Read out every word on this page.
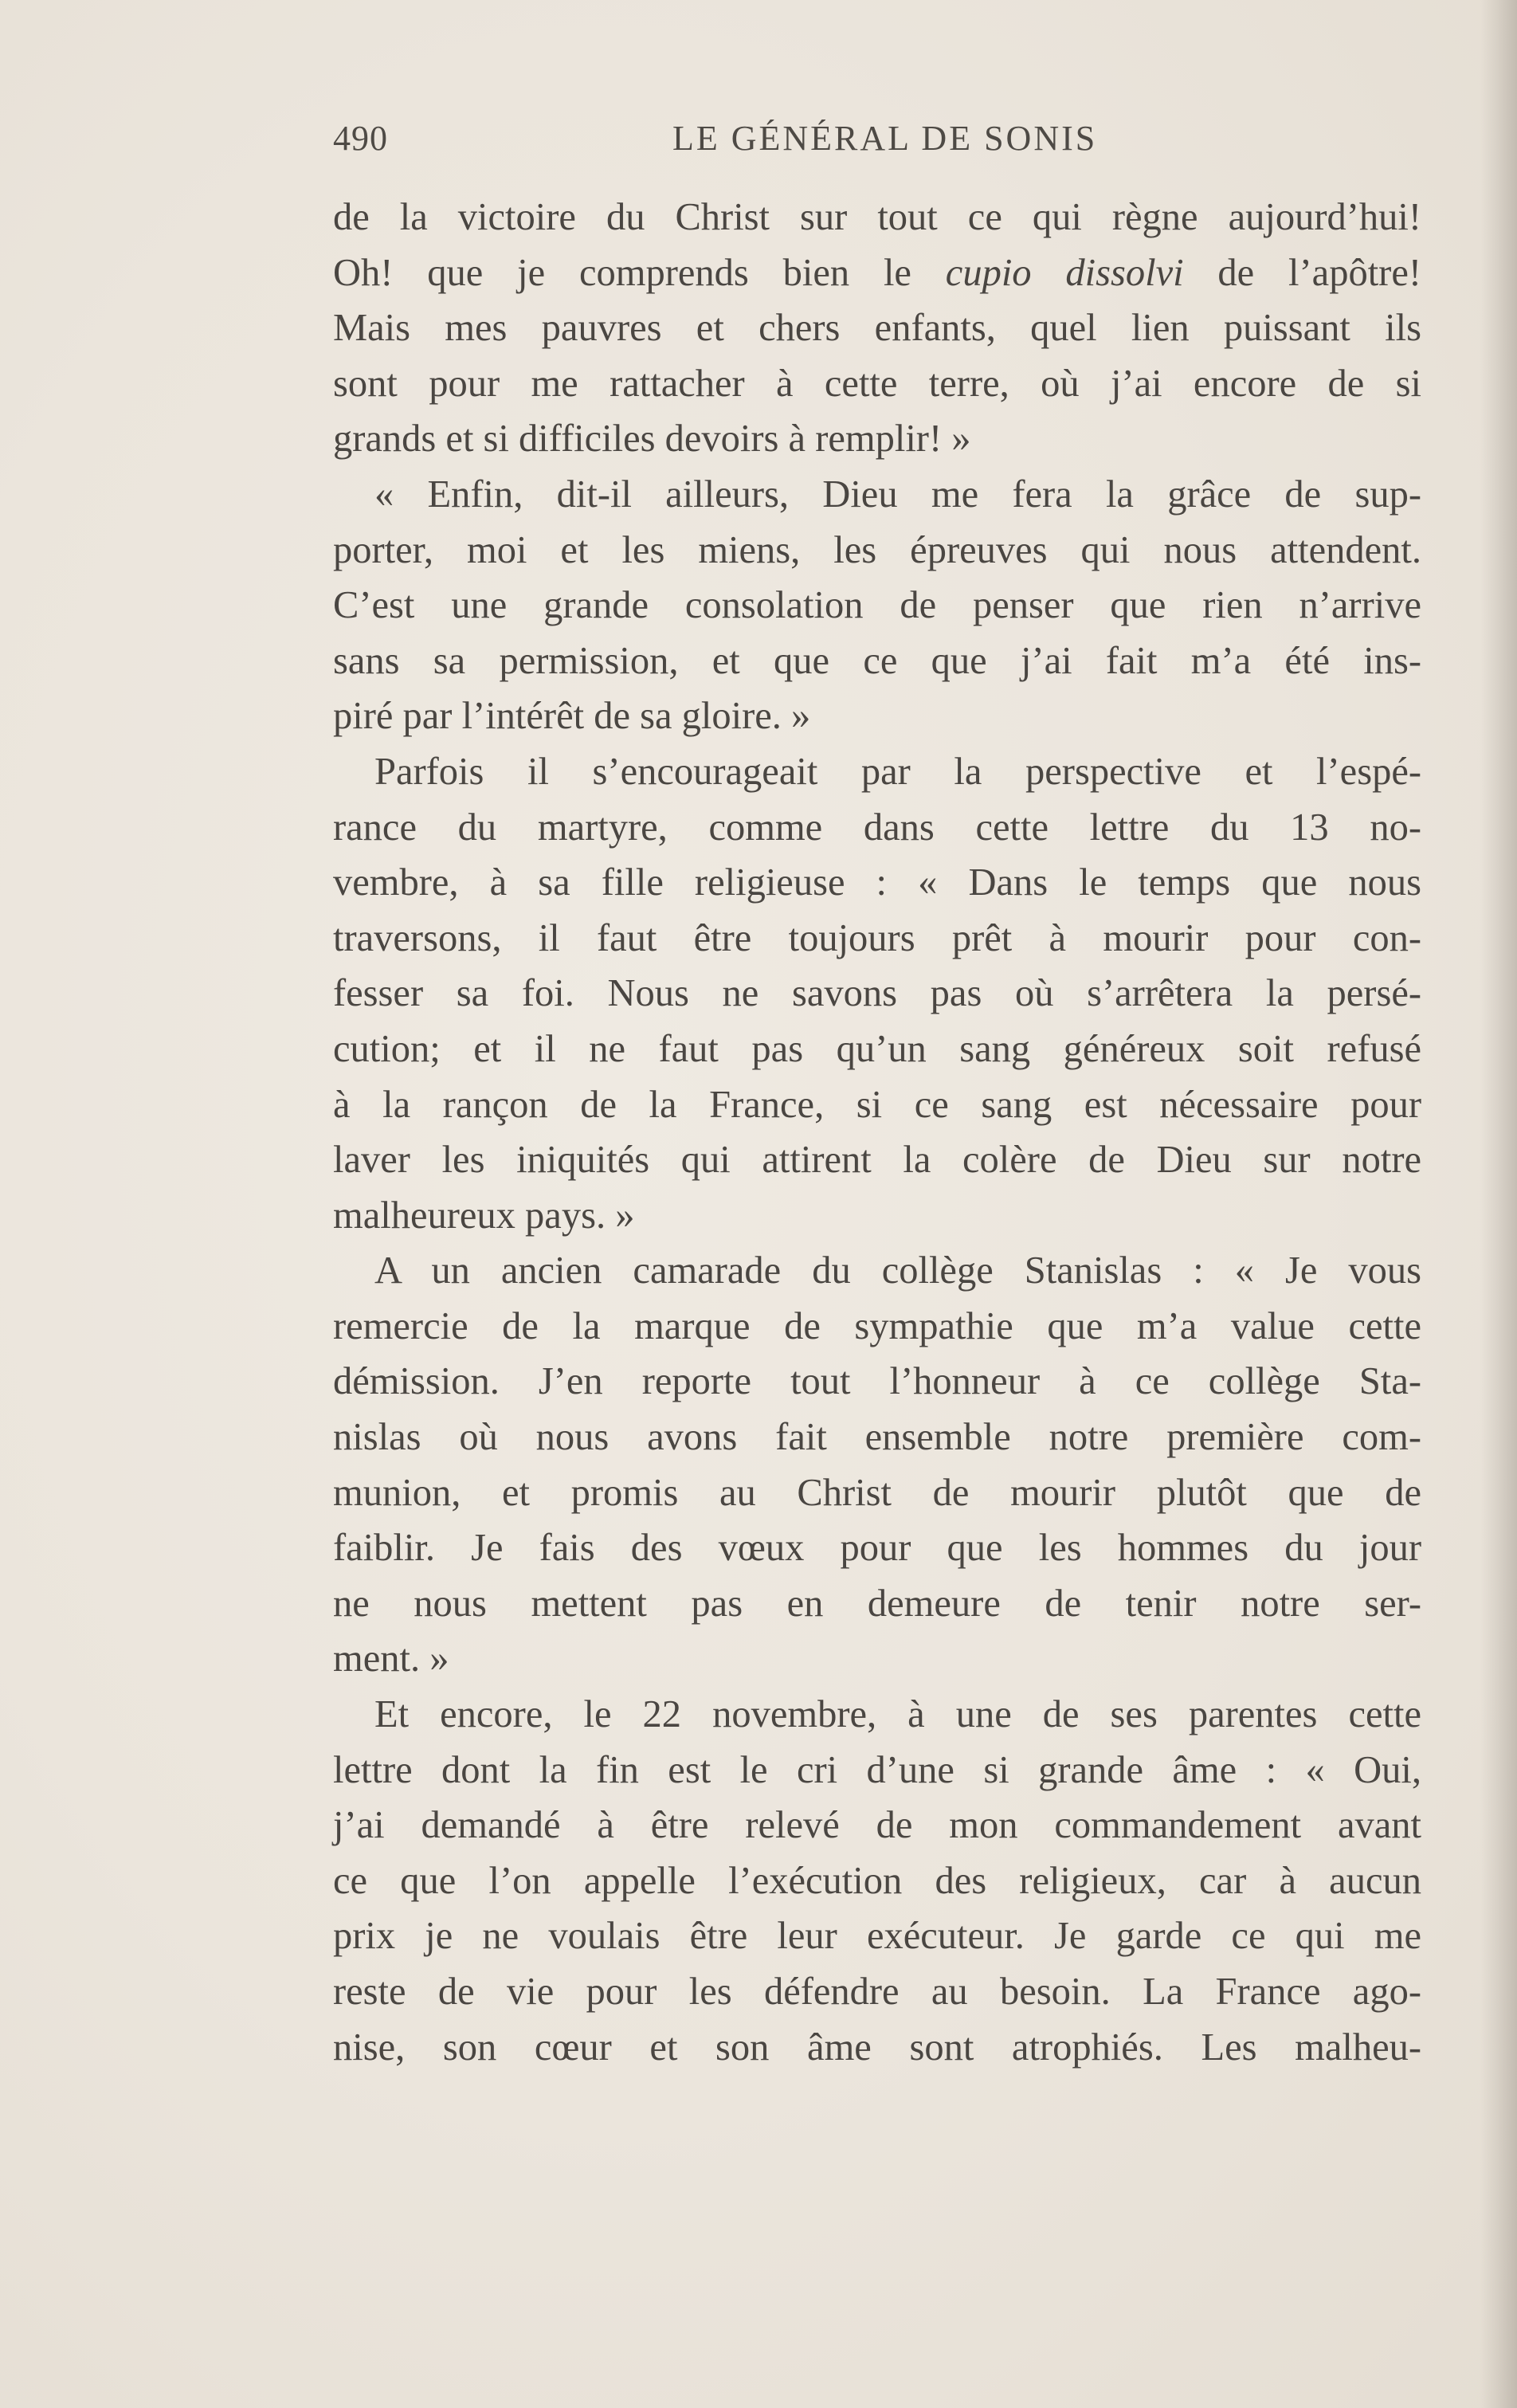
490	LE GÉNÉRAL DE SONIS
de la victoire du Christ sur tout ce qui règne aujourd’hui!
Oh! que je comprends bien le cupio dissolvi de l’apôtre!
Mais mes pauvres et chers enfants, quel lien puissant ils
sont pour me rattacher à cette terre, où j’ai encore de si
grands et si difficiles devoirs à remplir! »
« Enfin, dit-il ailleurs, Dieu me fera la grâce de sup-
porter, moi et les miens, les épreuves qui nous attendent.
C’est une grande consolation de penser que rien n’arrive
sans sa permission, et que ce que j’ai fait m’a été ins-
piré par l’intérêt de sa gloire. »
Parfois il s’encourageait par la perspective et l’espé-
rance du martyre, comme dans cette lettre du 13 no-
vembre, à sa fille religieuse : « Dans le temps que nous
traversons, il faut être toujours prêt à mourir pour con-
fesser sa foi. Nous ne savons pas où s’arrêtera la persé-
cution; et il ne faut pas qu’un sang généreux soit refusé
à la rançon de la France, si ce sang est nécessaire pour
laver les iniquités qui attirent la colère de Dieu sur notre
malheureux pays. »
A un ancien camarade du collège Stanislas : « Je vous
remercie de la marque de sympathie que m’a value cette
démission. J’en reporte tout l’honneur à ce collège Sta-
nislas où nous avons fait ensemble notre première com-
munion, et promis au Christ de mourir plutôt que de
faiblir. Je fais des vœux pour que les hommes du jour
ne nous mettent pas en demeure de tenir notre ser-
ment. »
Et encore, le 22 novembre, à une de ses parentes cette
lettre dont la fin est le cri d’une si grande âme : « Oui,
j’ai demandé à être relevé de mon commandement avant
ce que l’on appelle l’exécution des religieux, car à aucun
prix je ne voulais être leur exécuteur. Je garde ce qui me
reste de vie pour les défendre au besoin. La France ago-
nise, son cœur et son âme sont atrophiés. Les malheu-
